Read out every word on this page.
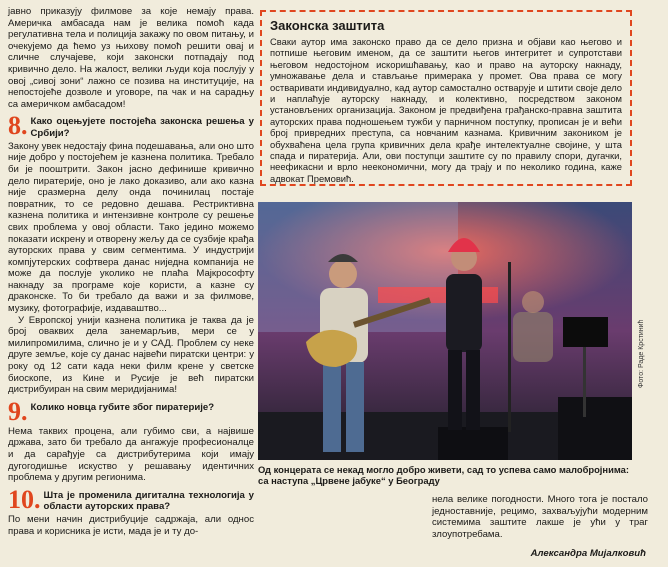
јавно приказују филмове за које немају права. Америчка амбасада нам је велика помоћ када регулативна тела и полиција закажу по овом питању, и очекујемо да ћемо уз њихову помоћ решити овај и сличне случајеве, који законски потпадају под кривично дело. На жалост, велики људи која послују у овој „сивој зони“ лажно се позива на институције, на непостојеће дозволе и уговоре, па чак и на сарадњу са америчком амбасадом!

8. Како оцењујете постојећа законска решења у Србији?

Закону увек недостају фина подешавања, али оно што није добро у постојећем је казнена политика. Требало би је пооштрити. Закон јасно дефинише кривично дело пиратерије, оно је лако доказиво, али ако казна није сразмерна делу онда починилац постаје повратник, то се редовно дешава. Рестриктивна казнена политика и интензивне контроле су решење свих проблема у овој области. Тако једино можемо показати искрену и отворену жељу да се сузбије крађа ауторских права у свим сегментима. У индустрији компјутерских софтвера данас ниједна компанија не може да послује уколико не плаћа Мајкрософту накнаду за програме које користи, а казне су драконске. То би требало да важи и за филмове, музику, фотографије, издаваштво...

У Европској унији казнена политика је таква да је број оваквих дела занемарљив, мери се у милипромилима, слично је и у САД. Проблем су неке друге земље, које су данас највећи пиратски центри: у року од 12 сати када неки филм крене у светске биоскопе, из Кине и Русије је већ пиратски дистрибуиран на свим меридијанима!

9. Колико новца губите због пиратерије?

Нема таквих процена, али губимо сви, а највише држава, зато би требало да ангажује професионалце и да сарађује са дистрибутерима који имају дугогодишње искуство у решавању идентичних проблема у другим регионима.

10. Шта је променила дигитална технологија у области ауторских права?

По мени начин дистрибуције садржаја, али однос права и корисника је исти, мада је и ту до-

Законска заштита

Сваки аутор има законско право да се дело призна и објави као његово и потпише његовим именом, да се заштити његов интегритет и супротстави његовом недостојном искоришћавању, као и право на ауторску накнаду, умножавање дела и стављање примерака у промет. Ова права се могу остваривати индивидуално, кад аутор самостално остварује и штити своје дело и наплаћује ауторску накнаду, и колективно, посредством законом установљених организација. Законом је предвиђена грађанско-правна заштита ауторских права подношењем тужби у парничном поступку, прописан је и већи број привредних преступа, са новчаним казнама. Кривичним закоником је обухваћена цела група кривичних дела крађе интелектуалне својине, у шта спада и пиратерија. Али, ови поступци заштите су по правилу спори, дугачки, неефикасни и врло неекономични, могу да трају и по неколико година, каже адвокат Премовић.

Фото: Раде Крстинић
Од концерата се некад могло добро живети, сад то успева само малобројнима: са наступа „Црвене јабуке“ у Београду
нела велике погодности. Много тога је постало једноставније, рецимо, захваљујући модерним системима заштите лакше је ући у траг злоупотребама.
Александра Мијалковић
